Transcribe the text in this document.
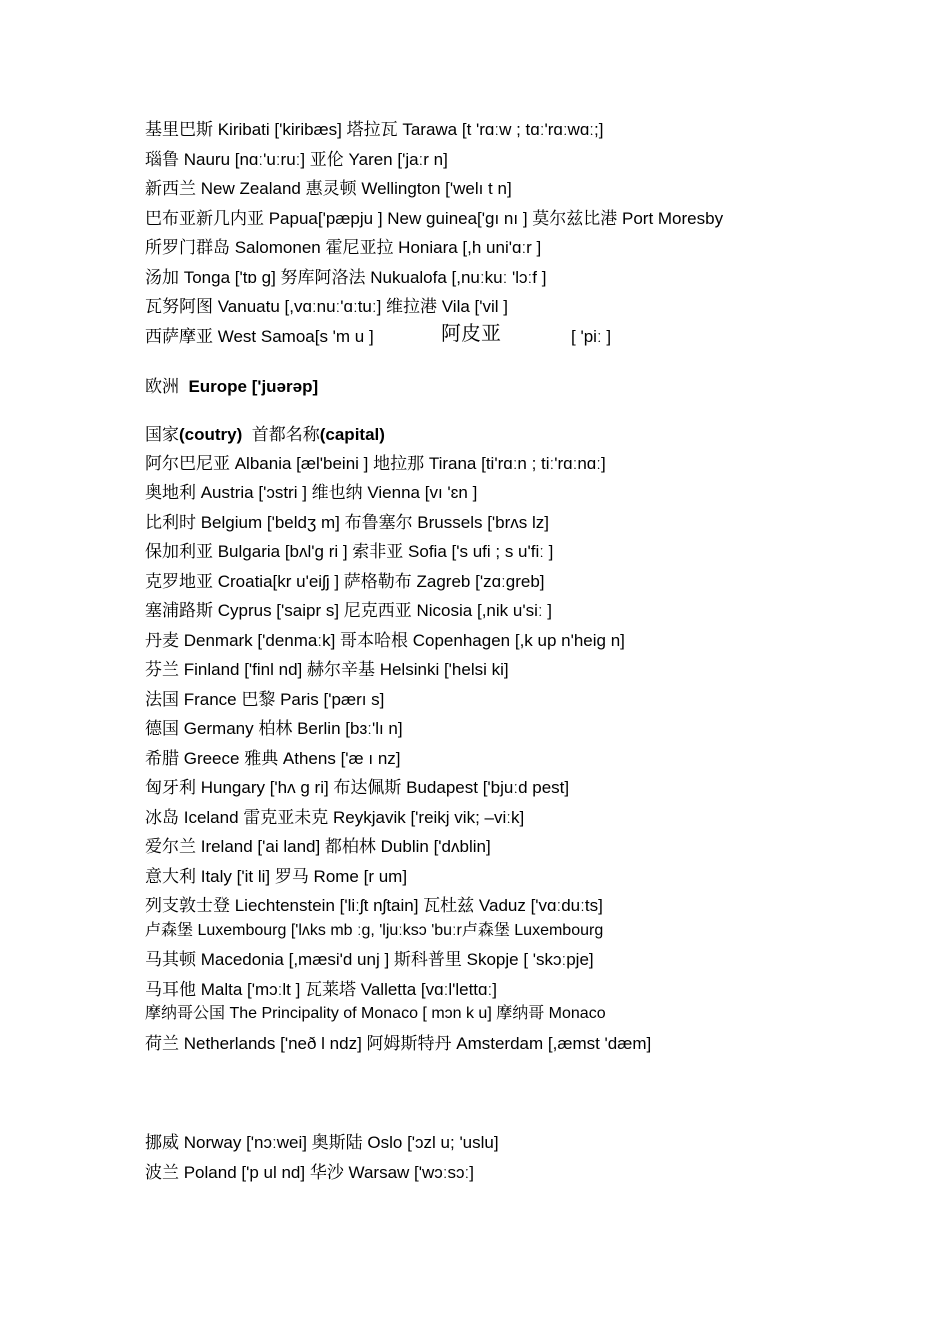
基里巴斯 Kiribati ['kiribæs] 塔拉瓦 Tarawa [t 'rɑːw ; tɑː'rɑːwɑː;]
瑙鲁 Nauru [nɑː'uːruː] 亚伦 Yaren ['jaːr n]
新西兰 New Zealand 惠灵顿 Wellington ['welı t n]
巴布亚新几内亚 Papua['pæpju ] New guinea['gı nı ] 莫尔兹比港 Port Moresby
所罗门群岛 Salomonen 霍尼亚拉 Honiara [,h uni'ɑːr ]
汤加 Tonga ['tɒ g] 努库阿洛法 Nukualofa [,nuːkuː 'lɔːf ]
瓦努阿图 Vanuatu [,vɑːnuː'ɑːtuː] 维拉港 Vila ['vil ]
西萨摩亚 West Samoa[s 'm u ]	阿皮亚	[ 'piː ]
欧洲 Europe ['juərəp]
国家(coutry) 首都名称(capital)
阿尔巴尼亚 Albania [æl'beini ] 地拉那 Tirana [ti'rɑːn ; tiː'rɑːnɑː]
奥地利 Austria ['ɔstri ] 维也纳 Vienna [vı 'ɛn ]
比利时 Belgium ['beldʒ m] 布鲁塞尔 Brussels ['brʌs lz]
保加利亚 Bulgaria [bʌl'g ri ] 索非亚 Sofia ['s ufi ; s u'fiː ]
克罗地亚 Croatia[kr u'eiʃj ] 萨格勒布 Zagreb ['zɑːgreb]
塞浦路斯 Cyprus ['saipr s] 尼克西亚 Nicosia [,nik u'siː ]
丹麦 Denmark ['denmaːk] 哥本哈根 Copenhagen [,k up n'heig n]
芬兰 Finland ['finl nd] 赫尔辛基 Helsinki ['helsi ki]
法国 France 巴黎 Paris ['pærı s]
德国 Germany 柏林 Berlin [bɜː'lı n]
希腊 Greece 雅典 Athens ['æ ı nz]
匈牙利 Hungary ['hʌ g ri] 布达佩斯 Budapest ['bjuːd pest]
冰岛 Iceland 雷克亚未克 Reykjavik ['reikj vik; –viːk]
爱尔兰 Ireland ['ai land] 都柏林 Dublin ['dʌblin]
意大利 Italy ['it li] 罗马 Rome [r um]
列支敦士登 Liechtenstein ['liːʃt nʃtain] 瓦杜兹 Vaduz ['vɑːduːts]
卢森堡 Luxembourg ['lʌks mb ːg, 'ljuːksɔ 'buːr卢森堡 Luxembourg
马其顿 Macedonia [,mæsi'd unj ] 斯科普里 Skopje [ 'skɔːpje]
马耳他 Malta ['mɔːlt ] 瓦莱塔 Valletta [vɑːl'lettɑː]
摩纳哥公国 The Principality of Monaco [ mɔn k u] 摩纳哥 Monaco
荷兰 Netherlands ['neð l ndz] 阿姆斯特丹 Amsterdam [,æmst 'dæm]
挪威 Norway ['nɔːwei] 奥斯陆 Oslo ['ɔzl u; 'uslu]
波兰 Poland ['p ul nd] 华沙 Warsaw ['wɔːsɔː]
